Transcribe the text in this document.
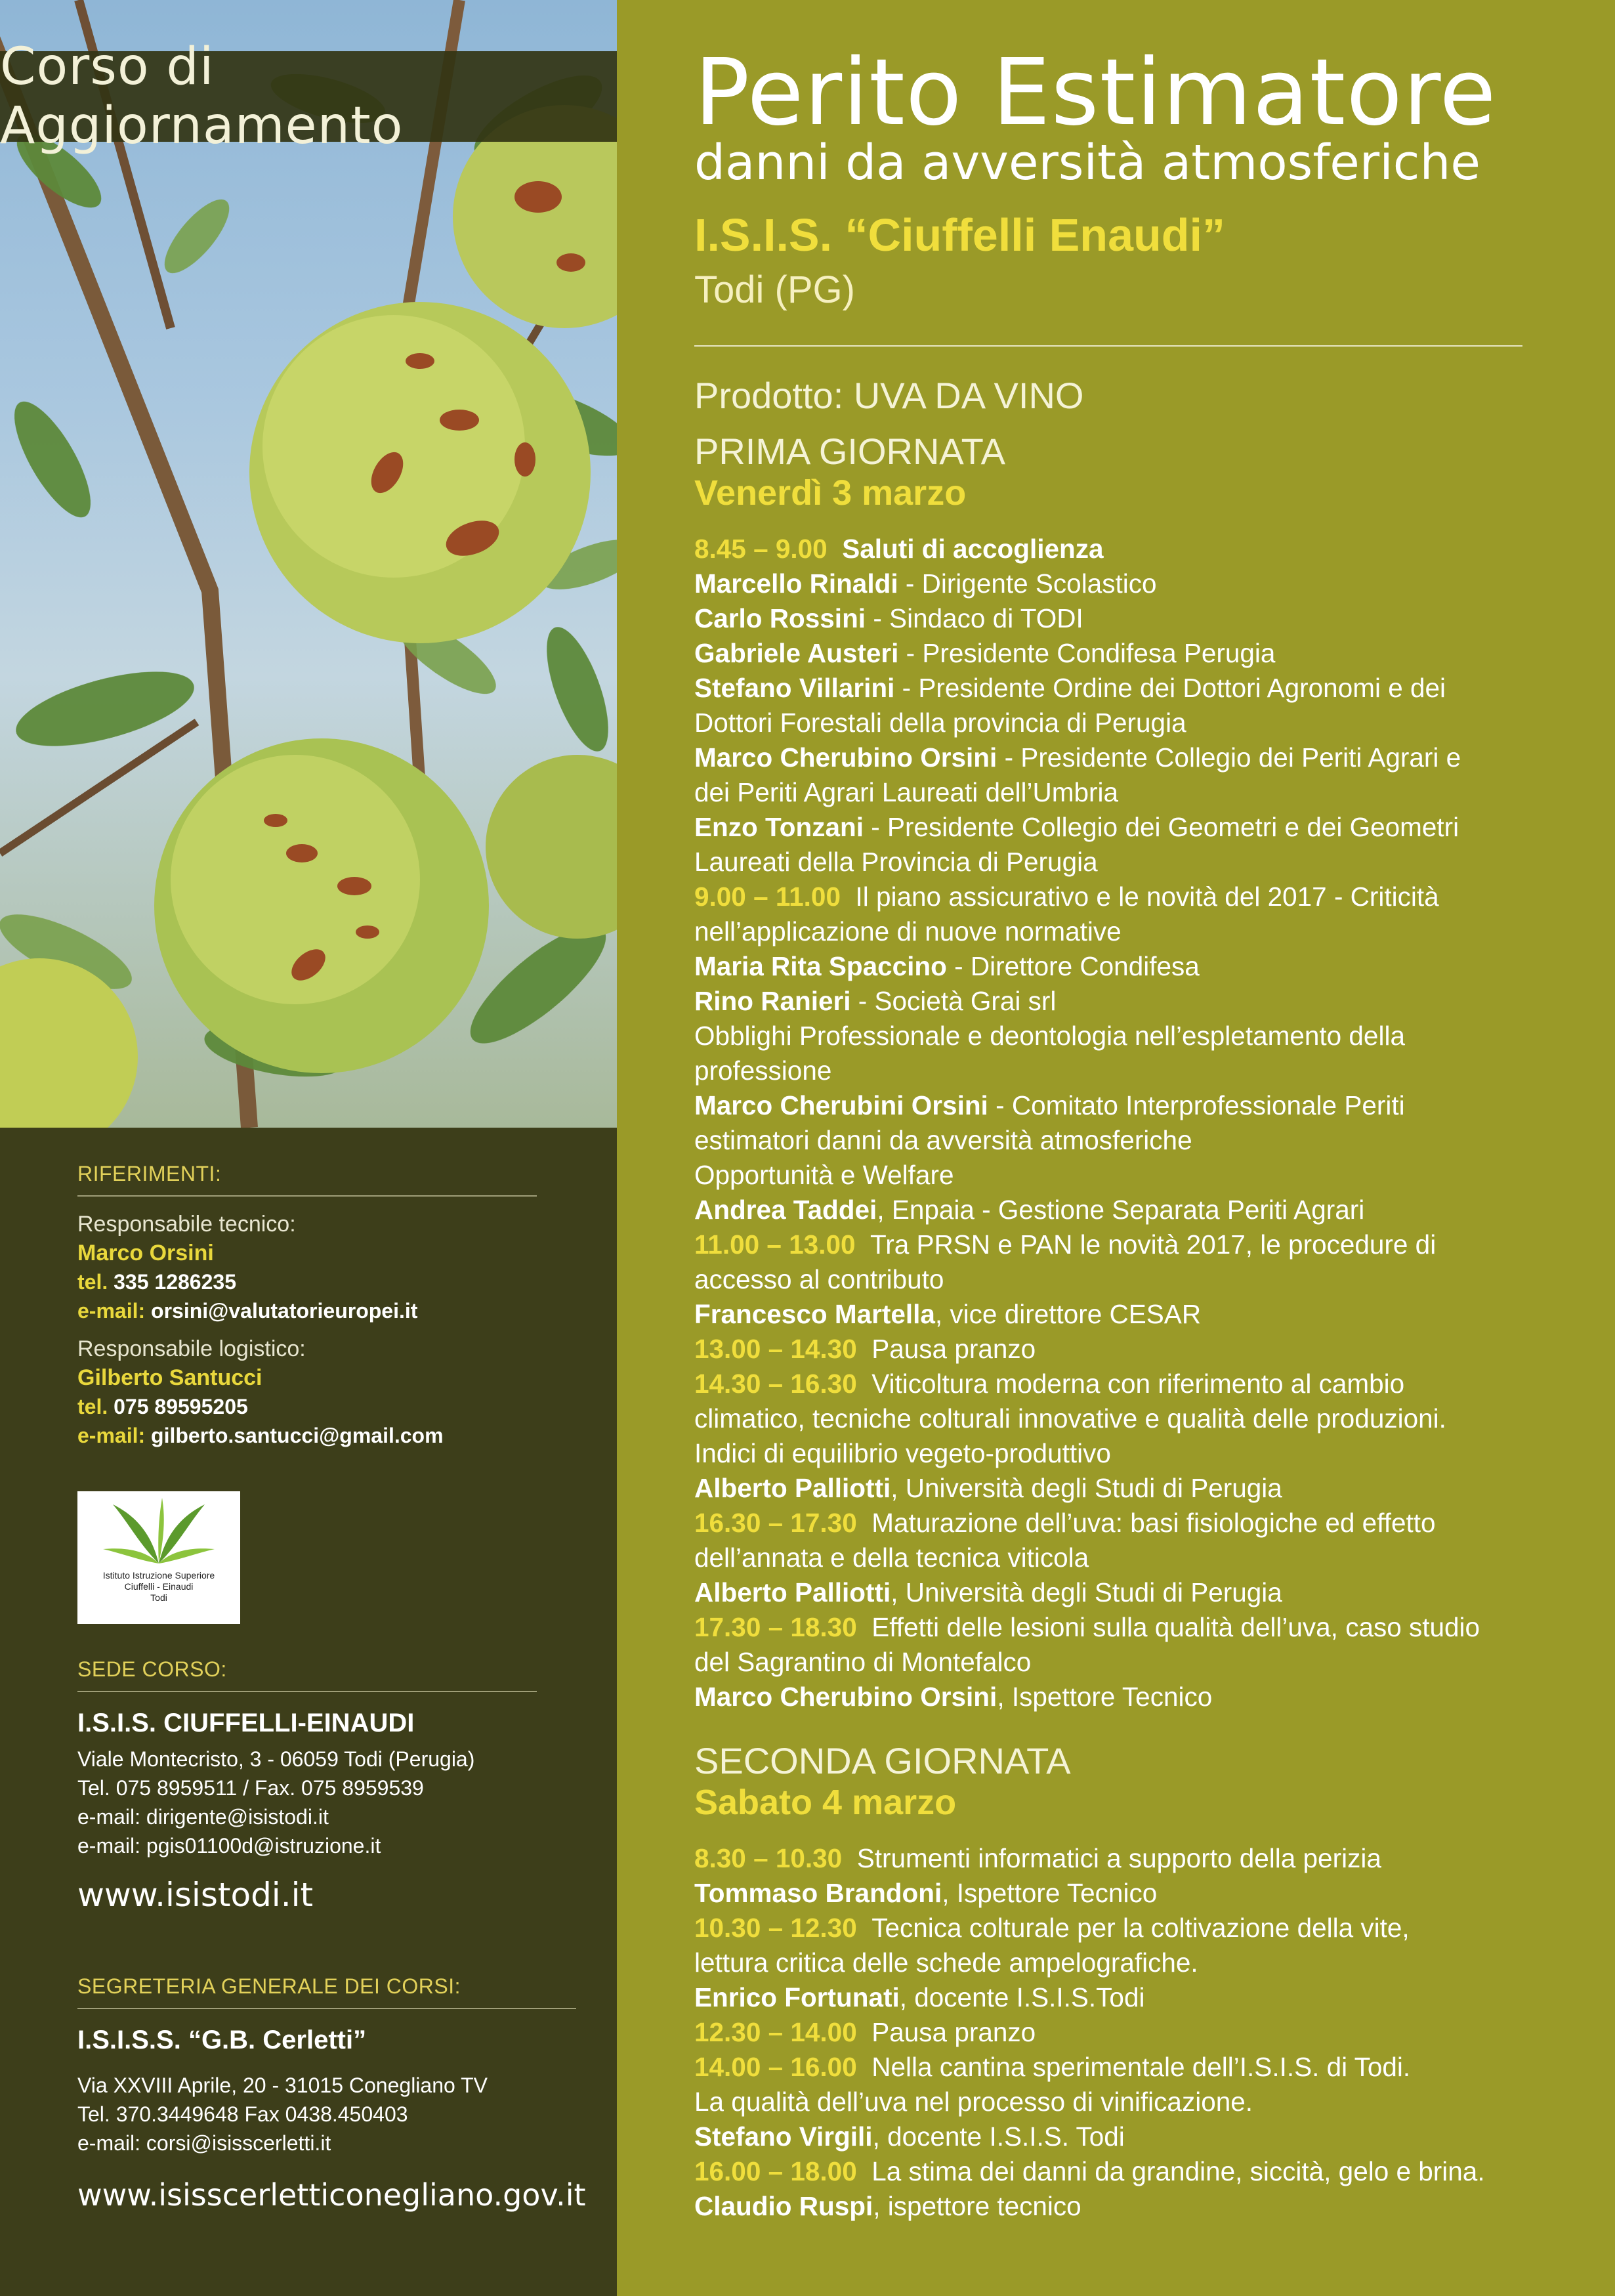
Corso di Aggiornamento
RIFERIMENTI:
Responsabile tecnico:
Marco Orsini
tel. 335 1286235
e-mail: orsini@valutatorieuropei.it
Responsabile logistico:
Gilberto Santucci
tel. 075 89595205
e-mail: gilberto.santucci@gmail.com
Istituto Istruzione Superiore
Ciuffelli - Einaudi
Todi
SEDE CORSO:
I.S.I.S. CIUFFELLI-EINAUDI
Viale Montecristo, 3 - 06059 Todi (Perugia)
Tel. 075 8959511 / Fax. 075 8959539
e-mail: dirigente@isistodi.it
e-mail: pgis01100d@istruzione.it
www.isistodi.it
SEGRETERIA GENERALE DEI CORSI:
I.S.I.S.S. “G.B. Cerletti”
Via XXVIII Aprile, 20 - 31015 Conegliano TV
Tel. 370.3449648 Fax 0438.450403
e-mail: corsi@isisscerletti.it
www.isisscerletticonegliano.gov.it
Perito Estimatore
danni da avversità atmosferiche
I.S.I.S. “Ciuffelli Enaudi”
Todi (PG)
Prodotto: UVA DA VINO
PRIMA GIORNATA
Venerdì 3 marzo
8.45 – 9.00 Saluti di accoglienza
Marcello Rinaldi - Dirigente Scolastico
Carlo Rossini - Sindaco di TODI
Gabriele Austeri - Presidente Condifesa Perugia
Stefano Villarini - Presidente Ordine dei Dottori Agronomi e dei
Dottori Forestali della provincia di Perugia
Marco Cherubino Orsini - Presidente Collegio dei Periti Agrari e
dei Periti Agrari Laureati dell’Umbria
Enzo Tonzani - Presidente Collegio dei Geometri e dei Geometri
Laureati della Provincia di Perugia
9.00 – 11.00 Il piano assicurativo e le novità del 2017 - Criticità
nell’applicazione di nuove normative
Maria Rita Spaccino - Direttore Condifesa
Rino Ranieri - Società Grai srl
Obblighi Professionale e deontologia nell’espletamento della
professione
Marco Cherubini Orsini - Comitato Interprofessionale Periti
estimatori danni da avversità atmosferiche
Opportunità e Welfare
Andrea Taddei, Enpaia - Gestione Separata Periti Agrari
11.00 – 13.00 Tra PRSN e PAN le novità 2017, le procedure di
accesso al contributo
Francesco Martella, vice direttore CESAR
13.00 – 14.30 Pausa pranzo
14.30 – 16.30 Viticoltura moderna con riferimento al cambio
climatico, tecniche colturali innovative e qualità delle produzioni.
Indici di equilibrio vegeto-produttivo
Alberto Palliotti, Università degli Studi di Perugia
16.30 – 17.30 Maturazione dell’uva: basi fisiologiche ed effetto
dell’annata e della tecnica viticola
Alberto Palliotti, Università degli Studi di Perugia
17.30 – 18.30 Effetti delle lesioni sulla qualità dell’uva, caso studio
del Sagrantino di Montefalco
Marco Cherubino Orsini, Ispettore Tecnico
SECONDA GIORNATA
Sabato 4 marzo
8.30 – 10.30 Strumenti informatici a supporto della perizia
Tommaso Brandoni, Ispettore Tecnico
10.30 – 12.30 Tecnica colturale per la coltivazione della vite,
lettura critica delle schede ampelografiche.
Enrico Fortunati, docente I.S.I.S.Todi
12.30 – 14.00 Pausa pranzo
14.00 – 16.00 Nella cantina sperimentale dell’I.S.I.S. di Todi.
La qualità dell’uva nel processo di vinificazione.
Stefano Virgili, docente I.S.I.S. Todi
16.00 – 18.00 La stima dei danni da grandine, siccità, gelo e brina.
Claudio Ruspi, ispettore tecnico
